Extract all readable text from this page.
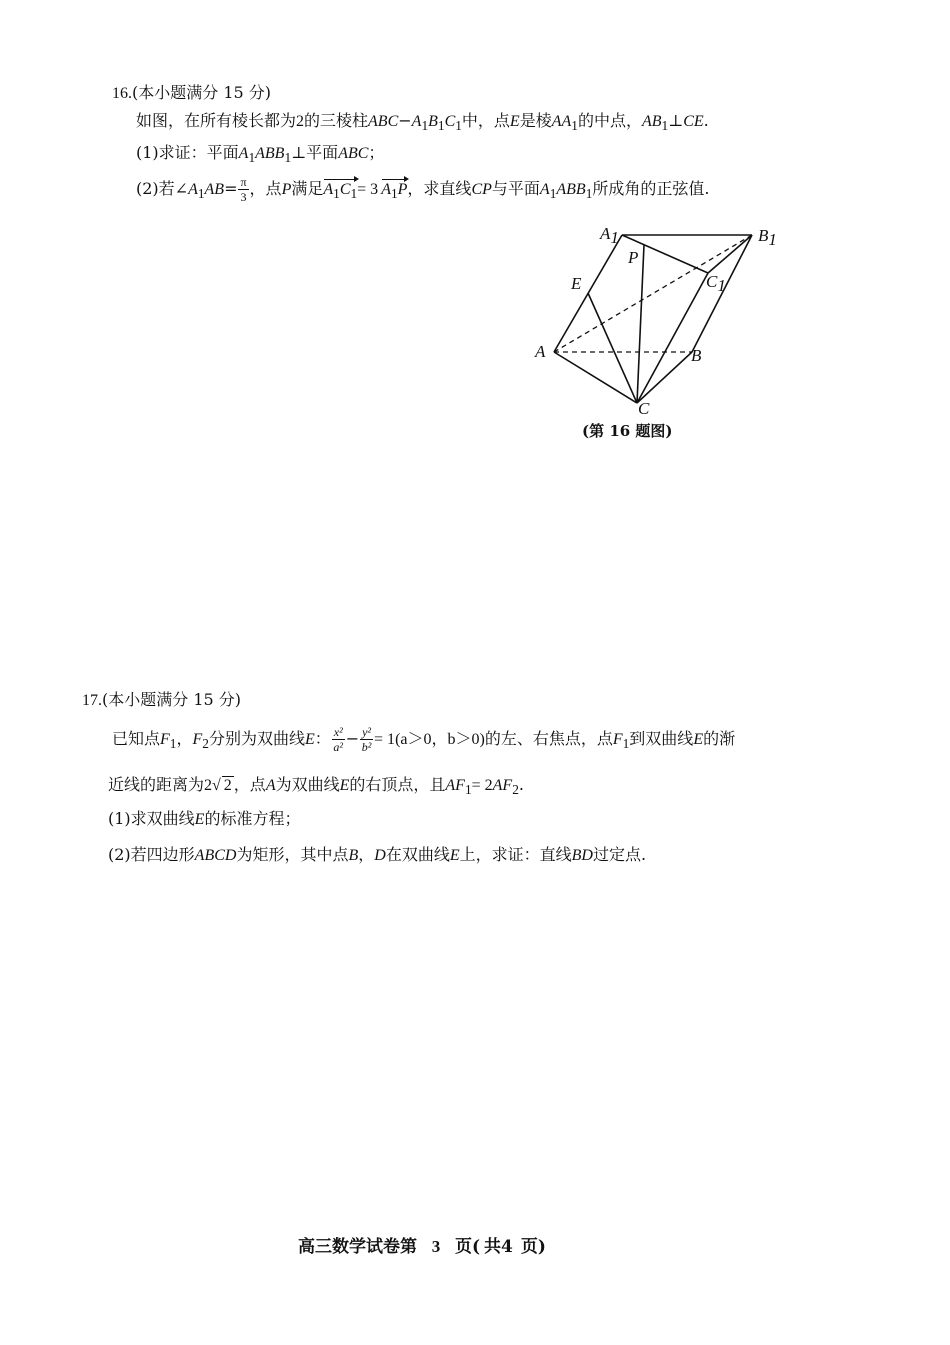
16.(本小题满分 15 分)
如图，在所有棱长都为2的三棱柱$ABC-A_1B_1C_1$中，点E是棱$AA_1$的中点，$AB_1\perp CE$.
(1)求证：平面$A_1ABB_1\perp$平面ABC；
(2)若$\angle A_1AB= \frac{\pi}{3}$ ，点P满足$A_1C_1= 3$ $A_1P$，求直线CP与平面$A_1ABB_1$所成角的正弦值.
A1	B1
P
C1
E
A	B
C
(第 16 题图)
17.(本小题满分 15 分)
已知点$F_1$，$F_2$分别为双曲线E： $\frac{\text{x²}}{\text{a²}} - \frac{\text{y²}}{\text{b²}} = 1(a>0$，b＞0)的左、右焦点，点$F_1$到双曲线E的渐
近线的距离为2√ 2 ，点A为双曲线E的右顶点，且$AF_1= 2AF_2$.
(1)求双曲线E的标准方程；
(2)若四边形ABCD为矩形，其中点B，D在双曲线E上，求证：直线BD过定点.
高三数学试卷第 3 页( 共4 页)
